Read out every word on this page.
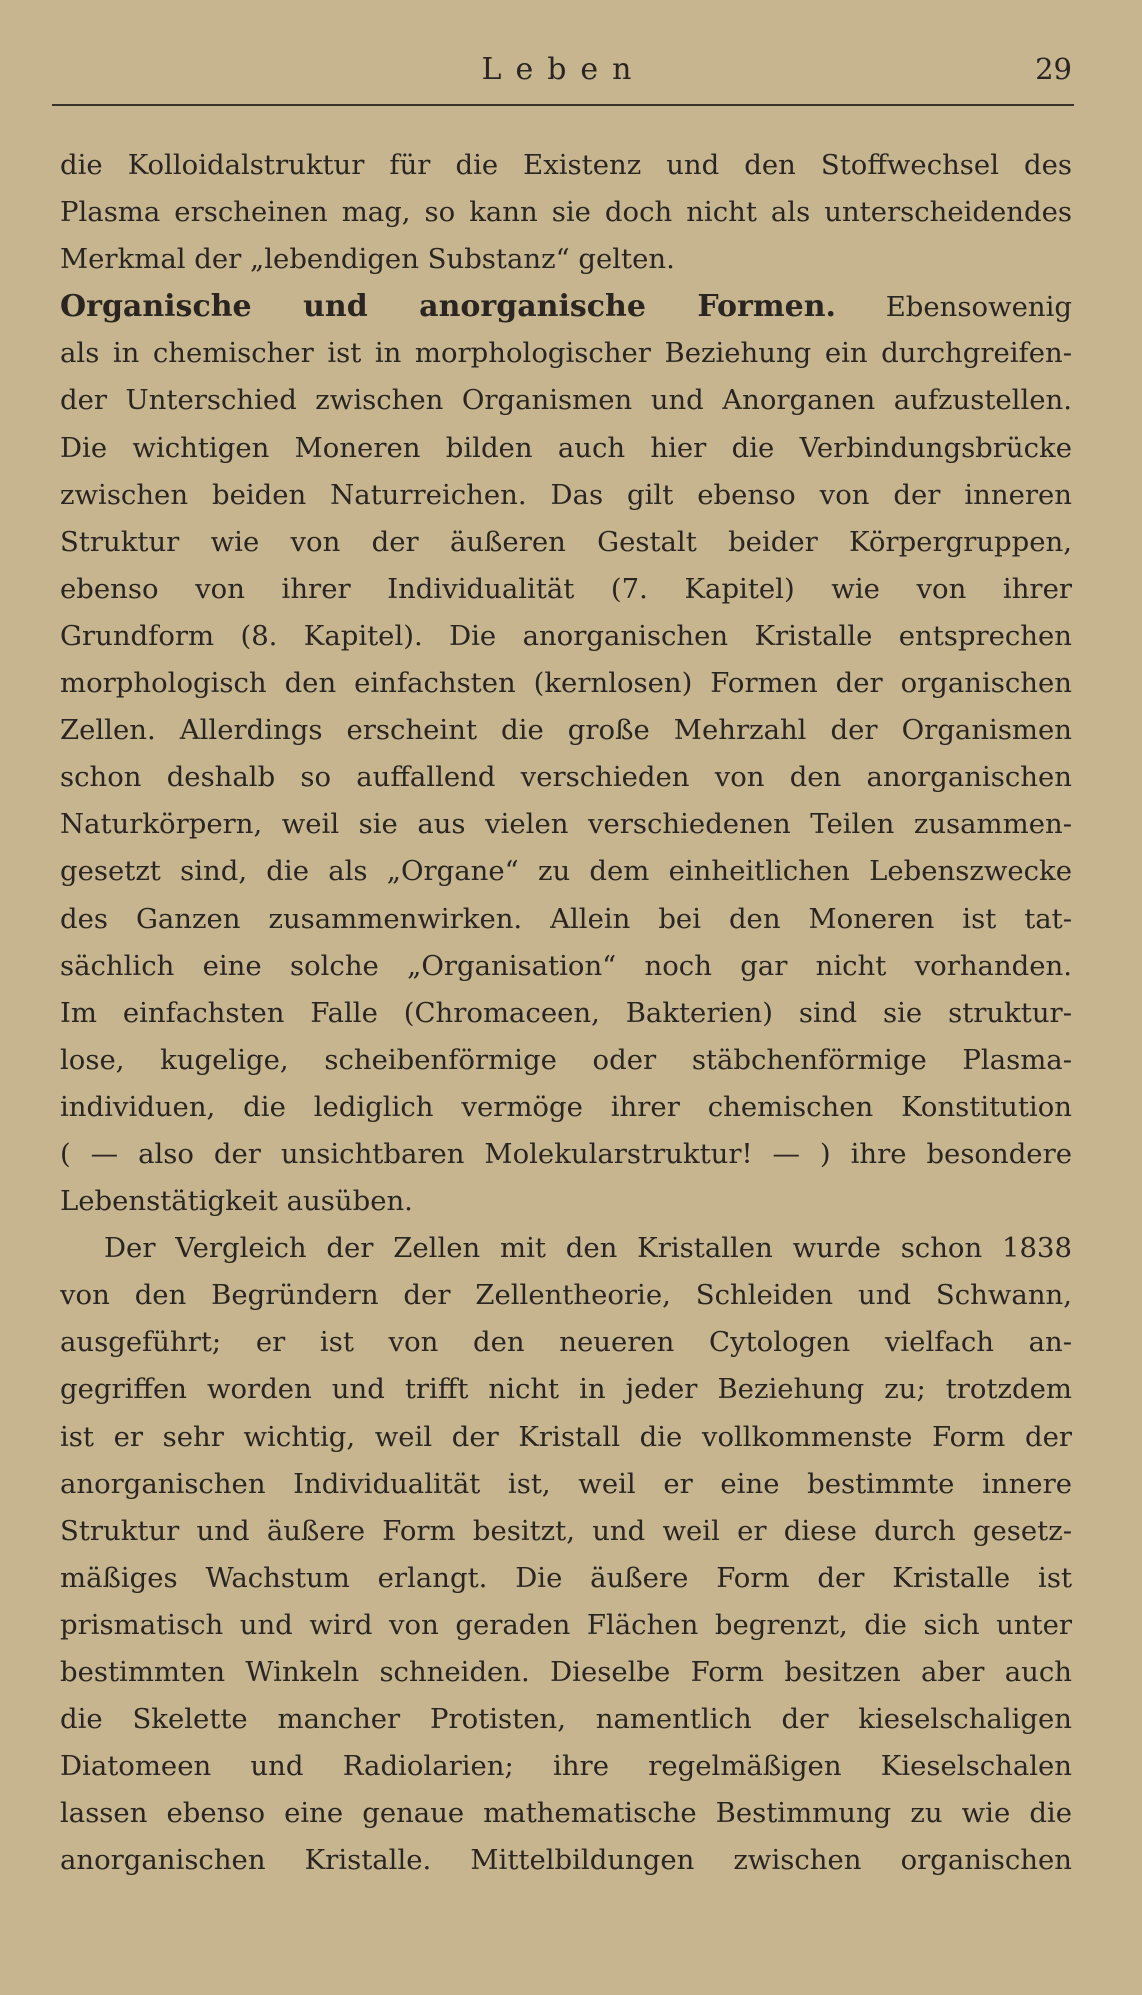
Leben	29
die Kolloidalstruktur für die Existenz und den Stoffwechsel des
Plasma erscheinen mag, so kann sie doch nicht als unterscheidendes
Merkmal der „lebendigen Substanz“ gelten.
Organische und anorganische Formen. Ebensowenig
als in chemischer ist in morphologischer Beziehung ein durchgreifen-
der Unterschied zwischen Organismen und Anorganen aufzustellen.
Die wichtigen Moneren bilden auch hier die Verbindungsbrücke
zwischen beiden Naturreichen. Das gilt ebenso von der inneren
Struktur wie von der äußeren Gestalt beider Körpergruppen,
ebenso von ihrer Individualität (7. Kapitel) wie von ihrer
Grundform (8. Kapitel). Die anorganischen Kristalle entsprechen
morphologisch den einfachsten (kernlosen) Formen der organischen
Zellen. Allerdings erscheint die große Mehrzahl der Organismen
schon deshalb so auffallend verschieden von den anorganischen
Naturkörpern, weil sie aus vielen verschiedenen Teilen zusammen-
gesetzt sind, die als „Organe“ zu dem einheitlichen Lebenszwecke
des Ganzen zusammenwirken. Allein bei den Moneren ist tat-
sächlich eine solche „Organisation“ noch gar nicht vorhanden.
Im einfachsten Falle (Chromaceen, Bakterien) sind sie struktur-
lose, kugelige, scheibenförmige oder stäbchenförmige Plasma-
individuen, die lediglich vermöge ihrer chemischen Konstitution
( — also der unsichtbaren Molekularstruktur! — ) ihre besondere
Lebenstätigkeit ausüben.
Der Vergleich der Zellen mit den Kristallen wurde schon 1838
von den Begründern der Zellentheorie, Schleiden und Schwann,
ausgeführt; er ist von den neueren Cytologen vielfach an-
gegriffen worden und trifft nicht in jeder Beziehung zu; trotzdem
ist er sehr wichtig, weil der Kristall die vollkommenste Form der
anorganischen Individualität ist, weil er eine bestimmte innere
Struktur und äußere Form besitzt, und weil er diese durch gesetz-
mäßiges Wachstum erlangt. Die äußere Form der Kristalle ist
prismatisch und wird von geraden Flächen begrenzt, die sich unter
bestimmten Winkeln schneiden. Dieselbe Form besitzen aber auch
die Skelette mancher Protisten, namentlich der kieselschaligen
Diatomeen und Radiolarien; ihre regelmäßigen Kieselschalen
lassen ebenso eine genaue mathematische Bestimmung zu wie die
anorganischen Kristalle. Mittelbildungen zwischen organischen
